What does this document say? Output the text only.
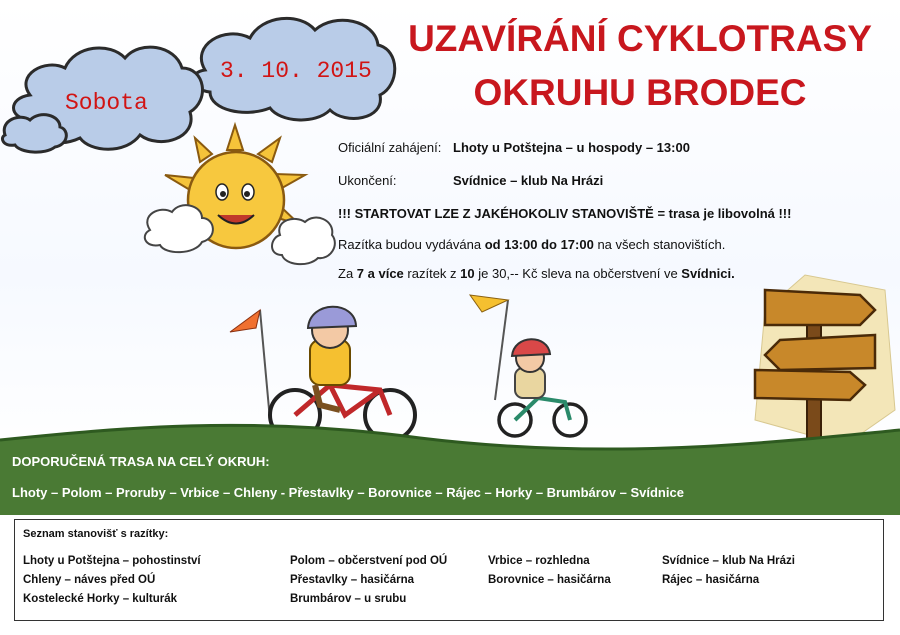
Sobota
3. 10. 2015
UZAVÍRÁNÍ CYKLOTRASY
OKRUHU BRODEC
Oficiální zahájení: Lhoty u Potštejna – u hospody – 13:00
Ukončení:	Svídnice – klub Na Hrázi
!!! STARTOVAT LZE Z JAKÉHOKOLIV STANOVIŠTĚ = trasa je libovolná !!!
Razítka budou vydávána od 13:00 do 17:00 na všech stanovištích.
Za 7 a více razítek z 10 je 30,-- Kč sleva na občerstvení ve Svídnici.
DOPORUČENÁ TRASA NA CELÝ OKRUH:
Lhoty – Polom – Proruby – Vrbice – Chleny - Přestavlky – Borovnice – Rájec – Horky – Brumbárov – Svídnice
Seznam stanovišť s razítky:
Lhoty u Potštejna – pohostinství	Polom – občerstvení pod OÚ	Vrbice – rozhledna	Svídnice – klub Na Hrázi
Chleny – náves před OÚ	Přestavlky – hasičárna	Borovnice – hasičárna	Rájec – hasičárna
Kostelecké Horky – kulturák	Brumbárov – u srubu
